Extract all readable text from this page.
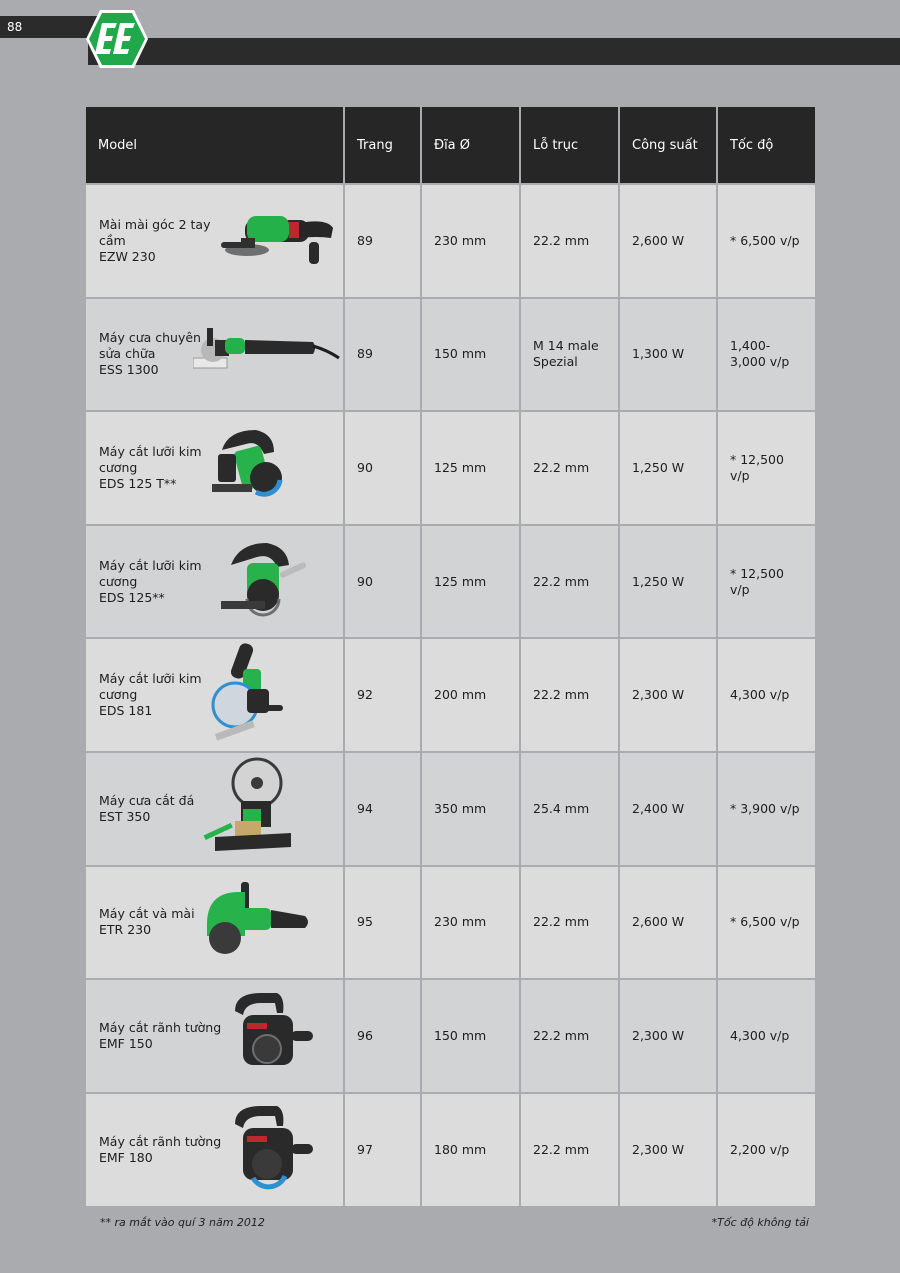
88
Model	Trang	Đĩa Ø	Lỗ trục	Công suất	Tốc độ

Mài mài góc 2 tay cầm
EZW 230	89	230 mm	22.2 mm	2,600 W	* 6,500 v/p

Máy cưa chuyên sửa chữa
ESS 1300	89	150 mm	M 14 male Spezial	1,300 W	1,400-3,000 v/p

Máy cắt lưỡi kim cương
EDS 125 T**	90	125 mm	22.2 mm	1,250 W	* 12,500 v/p

Máy cắt lưỡi kim cương
EDS 125**	90	125 mm	22.2 mm	1,250 W	* 12,500 v/p

Máy cắt lưỡi kim cương
EDS 181	92	200 mm	22.2 mm	2,300 W	4,300 v/p

Máy cưa cắt đá
EST 350	94	350 mm	25.4 mm	2,400 W	* 3,900 v/p

Máy cắt và mài
ETR 230	95	230 mm	22.2 mm	2,600 W	* 6,500 v/p

Máy cắt rãnh tường
EMF 150	96	150 mm	22.2 mm	2,300 W	4,300 v/p

Máy cắt rãnh tường
EMF 180	97	180 mm	22.2 mm	2,300 W	2,200 v/p
** ra mắt vào quí 3 năm 2012	*Tốc độ không tải
